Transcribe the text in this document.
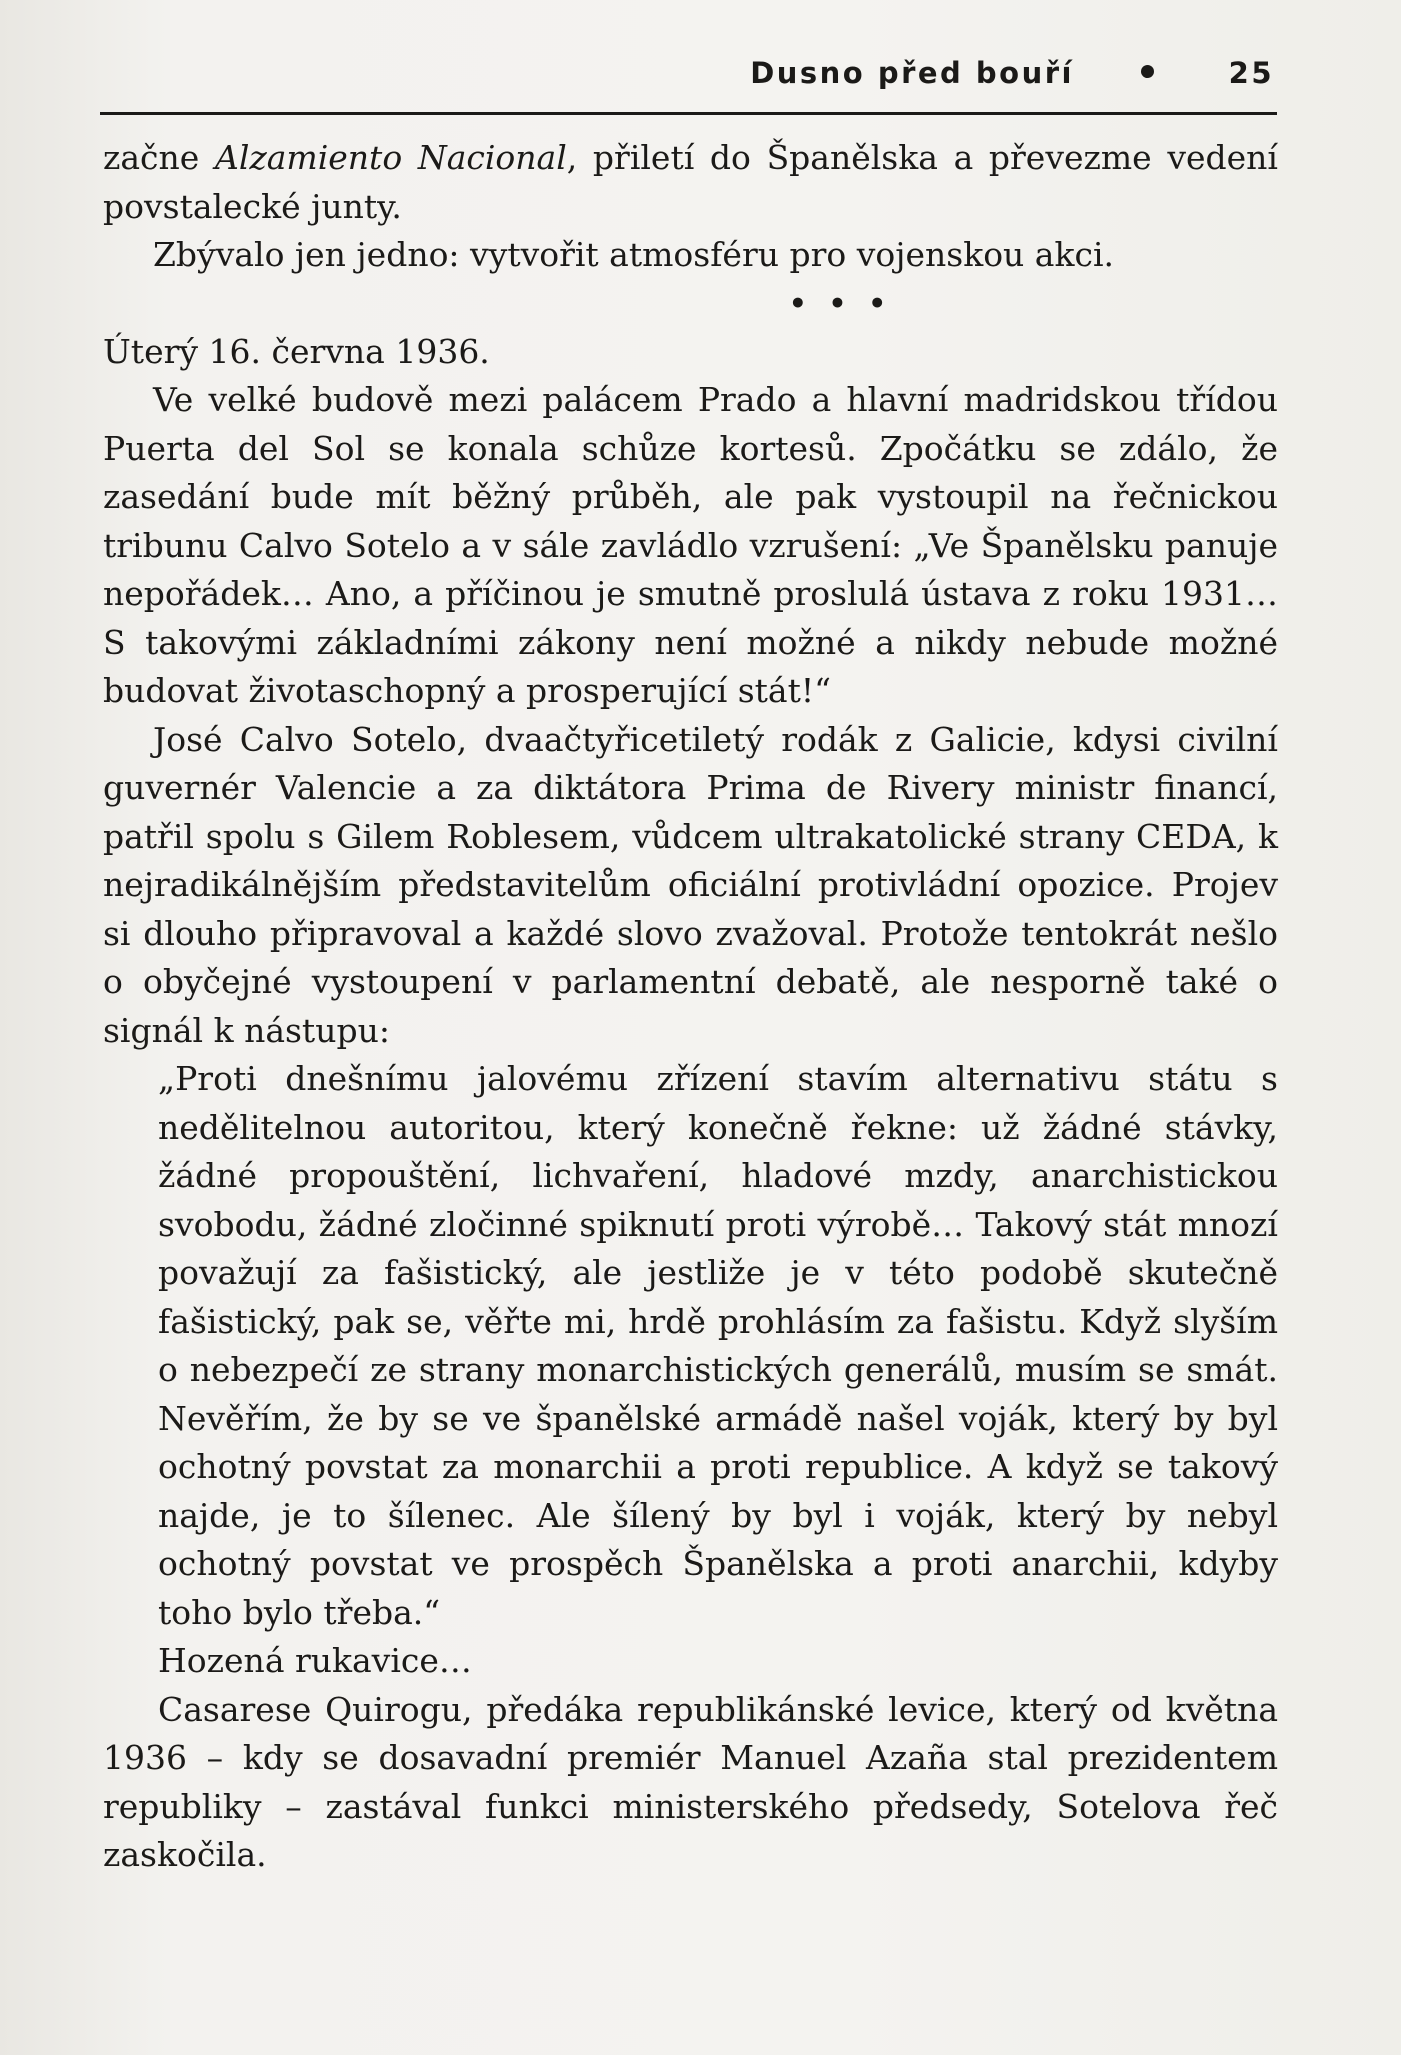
Dusno před bouří	25

začne Alzamiento Nacional, přiletí do Španělska a převezme vedení povstalecké junty.

Zbývalo jen jedno: vytvořit atmosféru pro vojenskou akci.

• • •

Úterý 16. června 1936.

Ve velké budově mezi palácem Prado a hlavní madridskou třídou Puerta del Sol se konala schůze kortesů. Zpočátku se zdálo, že zasedání bude mít běžný průběh, ale pak vystoupil na řečnickou tribunu Calvo Sotelo a v sále zavládlo vzrušení: „Ve Španělsku panuje nepořádek… Ano, a příčinou je smutně proslulá ústava z roku 1931… S takovými základními zákony není možné a nikdy nebude možné budovat životaschopný a prosperující stát!“

José Calvo Sotelo, dvaačtyřicetiletý rodák z Galicie, kdysi civilní guvernér Valencie a za diktátora Prima de Rivery ministr financí, patřil spolu s Gilem Roblesem, vůdcem ultrakatolické strany CEDA, k nejradikálnějším představitelům oficiální protivládní opozice. Projev si dlouho připravoval a každé slovo zvažoval. Protože tentokrát nešlo o obyčejné vystoupení v parlamentní debatě, ale nesporně také o signál k nástupu:

„Proti dnešnímu jalovému zřízení stavím alternativu státu s nedělitelnou autoritou, který konečně řekne: už žádné stávky, žádné propouštění, lichvaření, hladové mzdy, anarchistickou svobodu, žádné zločinné spiknutí proti výrobě… Takový stát mnozí považují za fašistický, ale jestliže je v této podobě skutečně fašistický, pak se, věřte mi, hrdě prohlásím za fašistu. Když slyším o nebezpečí ze strany monarchistických generálů, musím se smát. Nevěřím, že by se ve španělské armádě našel voják, který by byl ochotný povstat za monarchii a proti republice. A když se takový najde, je to šílenec. Ale šílený by byl i voják, který by nebyl ochotný povstat ve prospěch Španělska a proti anarchii, kdyby toho bylo třeba.“

Hozená rukavice…

Casarese Quirogu, předáka republikánské levice, který od května 1936 – kdy se dosavadní premiér Manuel Azaña stal prezidentem republiky – zastával funkci ministerského předsedy, Sotelova řeč zaskočila.
